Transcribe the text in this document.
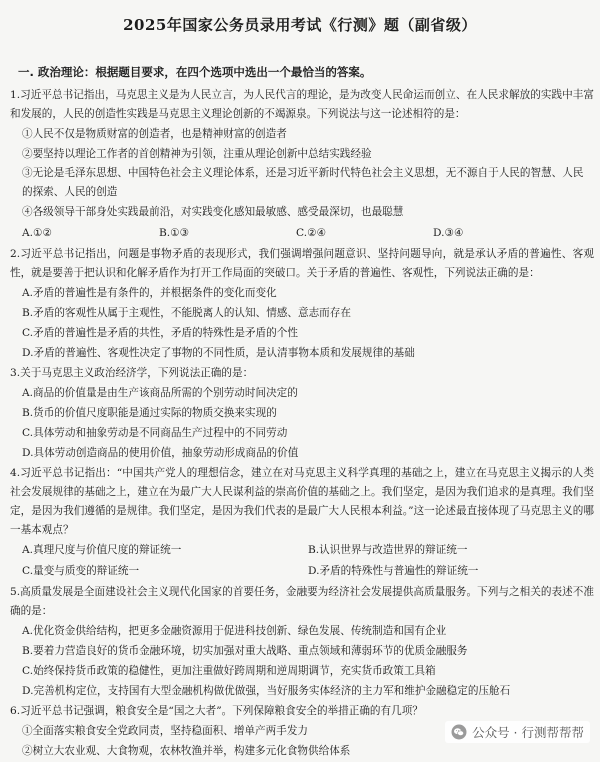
2025年国家公务员录用考试《行测》题（副省级）
一. 政治理论：根据题目要求，在四个选项中选出一个最恰当的答案。
1.习近平总书记指出，马克思主义是为人民立言，为人民代言的理论，是为改变人民命运而创立、在人民求解放的实践中丰富和发展的，人民的创造性实践是马克思主义理论创新的不竭源泉。下列说法与这一论述相符的是：
①人民不仅是物质财富的创造者，也是精神财富的创造者
②要坚持以理论工作者的首创精神为引领，注重从理论创新中总结实践经验
③无论是毛泽东思想、中国特色社会主义理论体系，还是习近平新时代特色社会主义思想，无不源自于人民的智慧、人民的探索、人民的创造
④各级领导干部身处实践最前沿，对实践变化感知最敏感、感受最深切，也最聪慧
A.①②	B.①③	C.②④	D.③④
2.习近平总书记指出，问题是事物矛盾的表现形式，我们强调增强问题意识、坚持问题导向，就是承认矛盾的普遍性、客观性，就是要善于把认识和化解矛盾作为打开工作局面的突破口。关于矛盾的普遍性、客观性，下列说法正确的是：
A.矛盾的普遍性是有条件的，并根据条件的变化而变化
B.矛盾的客观性从属于主观性，不能脱离人的认知、情感、意志而存在
C.矛盾的普遍性是矛盾的共性，矛盾的特殊性是矛盾的个性
D.矛盾的普遍性、客观性决定了事物的不同性质，是认清事物本质和发展规律的基础
3.关于马克思主义政治经济学，下列说法正确的是：
A.商品的价值量是由生产该商品所需的个别劳动时间决定的
B.货币的价值尺度职能是通过实际的物质交换来实现的
C.具体劳动和抽象劳动是不同商品生产过程中的不同劳动
D.具体劳动创造商品的使用价值，抽象劳动形成商品的价值
4.习近平总书记指出：“中国共产党人的理想信念，建立在对马克思主义科学真理的基础之上，建立在马克思主义揭示的人类社会发展规律的基础之上，建立在为最广大人民谋利益的崇高价值的基础之上。我们坚定，是因为我们追求的是真理。我们坚定，是因为我们遵循的是规律。我们坚定，是因为我们代表的是最广大人民根本利益。”这一论述最直接体现了马克思主义的哪一基本观点？
A.真理尺度与价值尺度的辩证统一	B.认识世界与改造世界的辩证统一
C.量变与质变的辩证统一	D.矛盾的特殊性与普遍性的辩证统一
5.高质量发展是全面建设社会主义现代化国家的首要任务，金融要为经济社会发展提供高质量服务。下列与之相关的表述不准确的是：
A.优化资金供给结构，把更多金融资源用于促进科技创新、绿色发展、传统制造和国有企业
B.要着力营造良好的货币金融环境，切实加强对重大战略、重点领域和薄弱环节的优质金融服务
C.始终保持货币政策的稳健性，更加注重做好跨周期和逆周期调节，充实货币政策工具箱
D.完善机构定位，支持国有大型金融机构做优做强，当好服务实体经济的主力军和维护金融稳定的压舱石
6.习近平总书记强调，粮食安全是“国之大者”。下列保障粮食安全的举措正确的有几项？
①全面落实粮食安全党政同责，坚持稳面积、增单产两手发力
②树立大农业观、大食物观，农林牧渔并举，构建多元化食物供给体系
公众号 · 行测帮帮帮
